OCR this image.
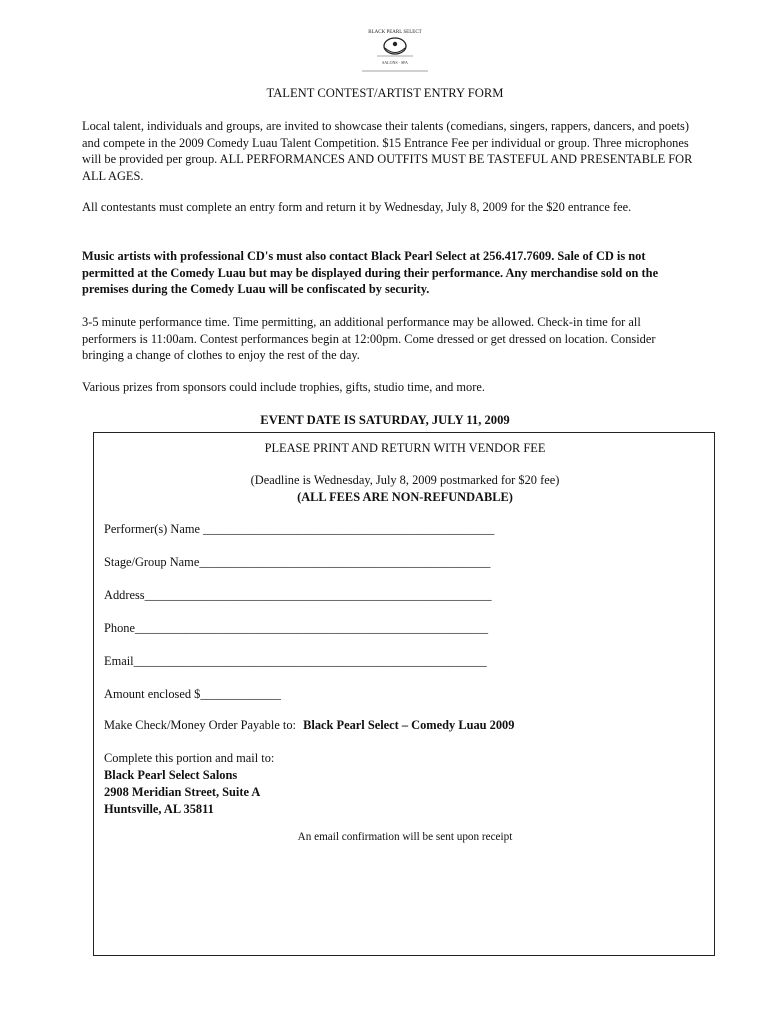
BLACK PEARL SELECT
SALONS · SPA
TALENT CONTEST/ARTIST ENTRY FORM

Local talent, individuals and groups, are invited to showcase their talents (comedians, singers, rappers, dancers, and poets) and compete in the 2009 Comedy Luau Talent Competition. $15 Entrance Fee per individual or group. Three microphones will be provided per group. ALL PERFORMANCES AND OUTFITS MUST BE TASTEFUL AND PRESENTABLE FOR ALL AGES.

All contestants must complete an entry form and return it by Wednesday, July 8, 2009 for the $20 entrance fee.

Music artists with professional CD's must also contact Black Pearl Select at 256.417.7609. Sale of CD is not permitted at the Comedy Luau but may be displayed during their performance. Any merchandise sold on the premises during the Comedy Luau will be confiscated by security.

3-5 minute performance time. Time permitting, an additional performance may be allowed. Check-in time for all performers is 11:00am. Contest performances begin at 12:00pm. Come dressed or get dressed on location. Consider bringing a change of clothes to enjoy the rest of the day.

Various prizes from sponsors could include trophies, gifts, studio time, and more.

EVENT DATE IS SATURDAY, JULY 11, 2009
PLEASE PRINT AND RETURN WITH VENDOR FEE
(Deadline is Wednesday, July 8, 2009 postmarked for $20 fee)
(ALL FEES ARE NON-REFUNDABLE)
Performer(s) Name _______________________________________________
Stage/Group Name_______________________________________________
Address________________________________________________________
Phone_________________________________________________________
Email_________________________________________________________
Amount enclosed $_____________
Make Check/Money Order Payable to: Black Pearl Select – Comedy Luau 2009
Complete this portion and mail to:
Black Pearl Select Salons
2908 Meridian Street, Suite A
Huntsville, AL 35811
An email confirmation will be sent upon receipt
